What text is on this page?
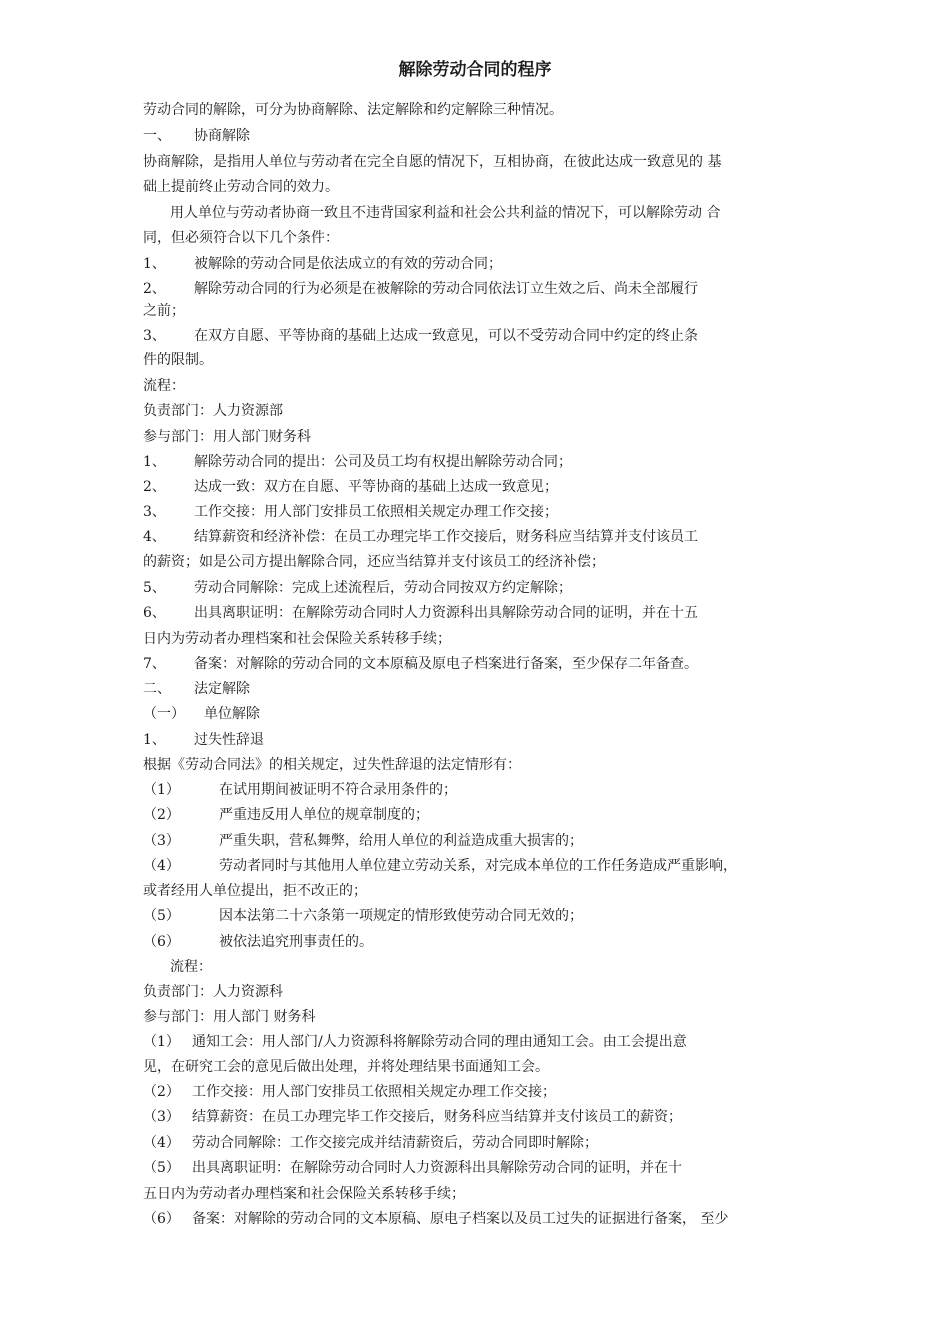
解除劳动合同的程序
劳动合同的解除，可分为协商解除、法定解除和约定解除三种情况。
一、 协商解除
协商解除，是指用人单位与劳动者在完全自愿的情况下，互相协商，在彼此达成一致意见的 基
础上提前终止劳动合同的效力。
用人单位与劳动者协商一致且不违背国家利益和社会公共利益的情况下，可以解除劳动 合
同，但必须符合以下几个条件：
1、 被解除的劳动合同是依法成立的有效的劳动合同；
2、 解除劳动合同的行为必须是在被解除的劳动合同依法订立生效之后、尚未全部履行
之前；
3、 在双方自愿、平等协商的基础上达成一致意见，可以不受劳动合同中约定的终止条
件的限制。
流程：
负责部门：人力资源部
参与部门：用人部门财务科
1、 解除劳动合同的提出：公司及员工均有权提出解除劳动合同；
2、 达成一致：双方在自愿、平等协商的基础上达成一致意见；
3、 工作交接：用人部门安排员工依照相关规定办理工作交接；
4、 结算薪资和经济补偿：在员工办理完毕工作交接后，财务科应当结算并支付该员工
的薪资；如是公司方提出解除合同，还应当结算并支付该员工的经济补偿；
5、 劳动合同解除：完成上述流程后，劳动合同按双方约定解除；
6、 出具离职证明：在解除劳动合同时人力资源科出具解除劳动合同的证明，并在十五
日内为劳动者办理档案和社会保险关系转移手续；
7、 备案：对解除的劳动合同的文本原稿及原电子档案进行备案，至少保存二年备查。
二、 法定解除
（一） 单位解除
1、 过失性辞退
根据《劳动合同法》的相关规定，过失性辞退的法定情形有：
（1）	在试用期间被证明不符合录用条件的；
（2）	严重违反用人单位的规章制度的；
（3）	严重失职，营私舞弊，给用人单位的利益造成重大损害的；
（4）	劳动者同时与其他用人单位建立劳动关系，对完成本单位的工作任务造成严重影响，
或者经用人单位提出，拒不改正的；
（5）	因本法第二十六条第一项规定的情形致使劳动合同无效的；
（6）	被依法追究刑事责任的。
流程：
负责部门：人力资源科
参与部门：用人部门 财务科
（1） 通知工会：用人部门/人力资源科将解除劳动合同的理由通知工会。由工会提出意
见，在研究工会的意见后做出处理，并将处理结果书面通知工会。
（2） 工作交接：用人部门安排员工依照相关规定办理工作交接；
（3） 结算薪资：在员工办理完毕工作交接后，财务科应当结算并支付该员工的薪资；
（4） 劳动合同解除：工作交接完成并结清薪资后，劳动合同即时解除；
（5） 出具离职证明：在解除劳动合同时人力资源科出具解除劳动合同的证明，并在十
五日内为劳动者办理档案和社会保险关系转移手续；
（6） 备案：对解除的劳动合同的文本原稿、原电子档案以及员工过失的证据进行备案， 至少
